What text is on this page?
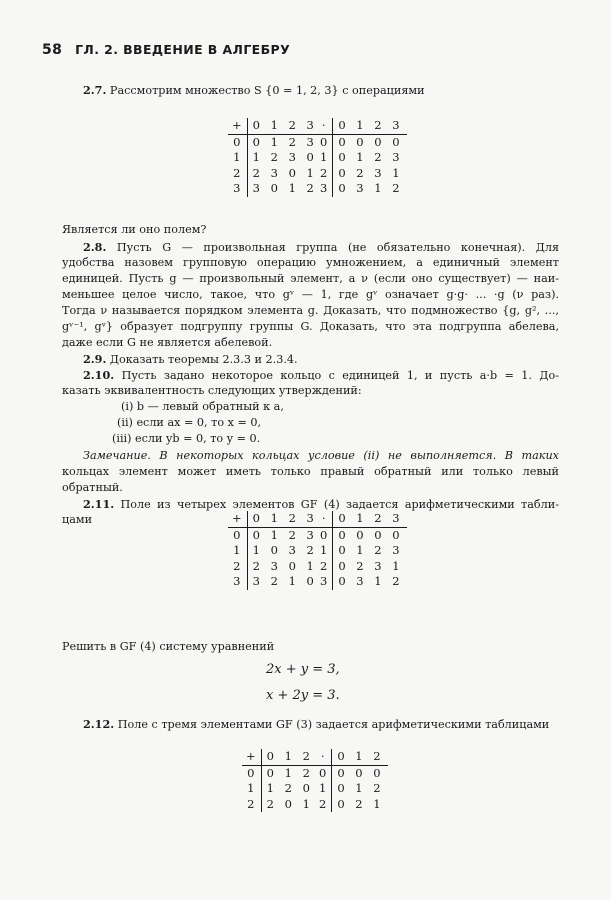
58 ГЛ. 2. ВВЕДЕНИЕ В АЛГЕБРУ
2.7. Рассмотрим множество S {0 = 1, 2, 3} с операциями
+	0 1 2 3

0	0 1 2 3
1	1 2 3 0
2	2 3 0 1
3	3 0 1 2
·	0 1 2 3

0	0 0 0 0
1	0 1 2 3
2	0 2 3 1
3	0 3 1 2
Является ли оно полем?
2.8. Пусть G — произвольная группа (не обязательно конечная). Для
удобства назовем групповую операцию умножением, а единичный элемент
единицей. Пусть g — произвольный элемент, а ν (если оно существует) — наи-
меньшее целое число, такое, что gᵛ — 1, где gᵛ означает g·g· ... ·g (ν раз).
Тогда ν называется порядком элемента g. Доказать, что подмножество {g, g², ...,
gᵛ⁻¹, gᵛ} образует подгруппу группы G. Доказать, что эта подгруппа абелева,
даже если G не является абелевой.
2.9. Доказать теоремы 2.3.3 и 2.3.4.
2.10. Пусть задано некоторое кольцо с единицей 1, и пусть a·b = 1. До-
казать эквивалентность следующих утверждений:
(i) b — левый обратный к a,
(ii) если ax = 0, то x = 0,
(iii) если yb = 0, то y = 0.
Замечание. В некоторых кольцах условие (ii) не выполняется. В таких
кольцах элемент может иметь только правый обратный или только левый
обратный.
2.11. Поле из четырех элементов GF (4) задается арифметическими табли-
цами	+	0 1 2 3

0	0 1 2 3
1	1 0 3 2
2	2 3 0 1
3	3 2 1 0
·	0 1 2 3

0	0 0 0 0
1	0 1 2 3
2	0 2 3 1
3	0 3 1 2
Решить в GF (4) систему уравнений
2x + y = 3,
x + 2y = 3.
2.12. Поле с тремя элементами GF (3) задается арифметическими таблицами
+	0 1 2

0	0 1 2
1	1 2 0
2	2 0 1
·	0 1 2

0	0 0 0
1	0 1 2
2	0 2 1
